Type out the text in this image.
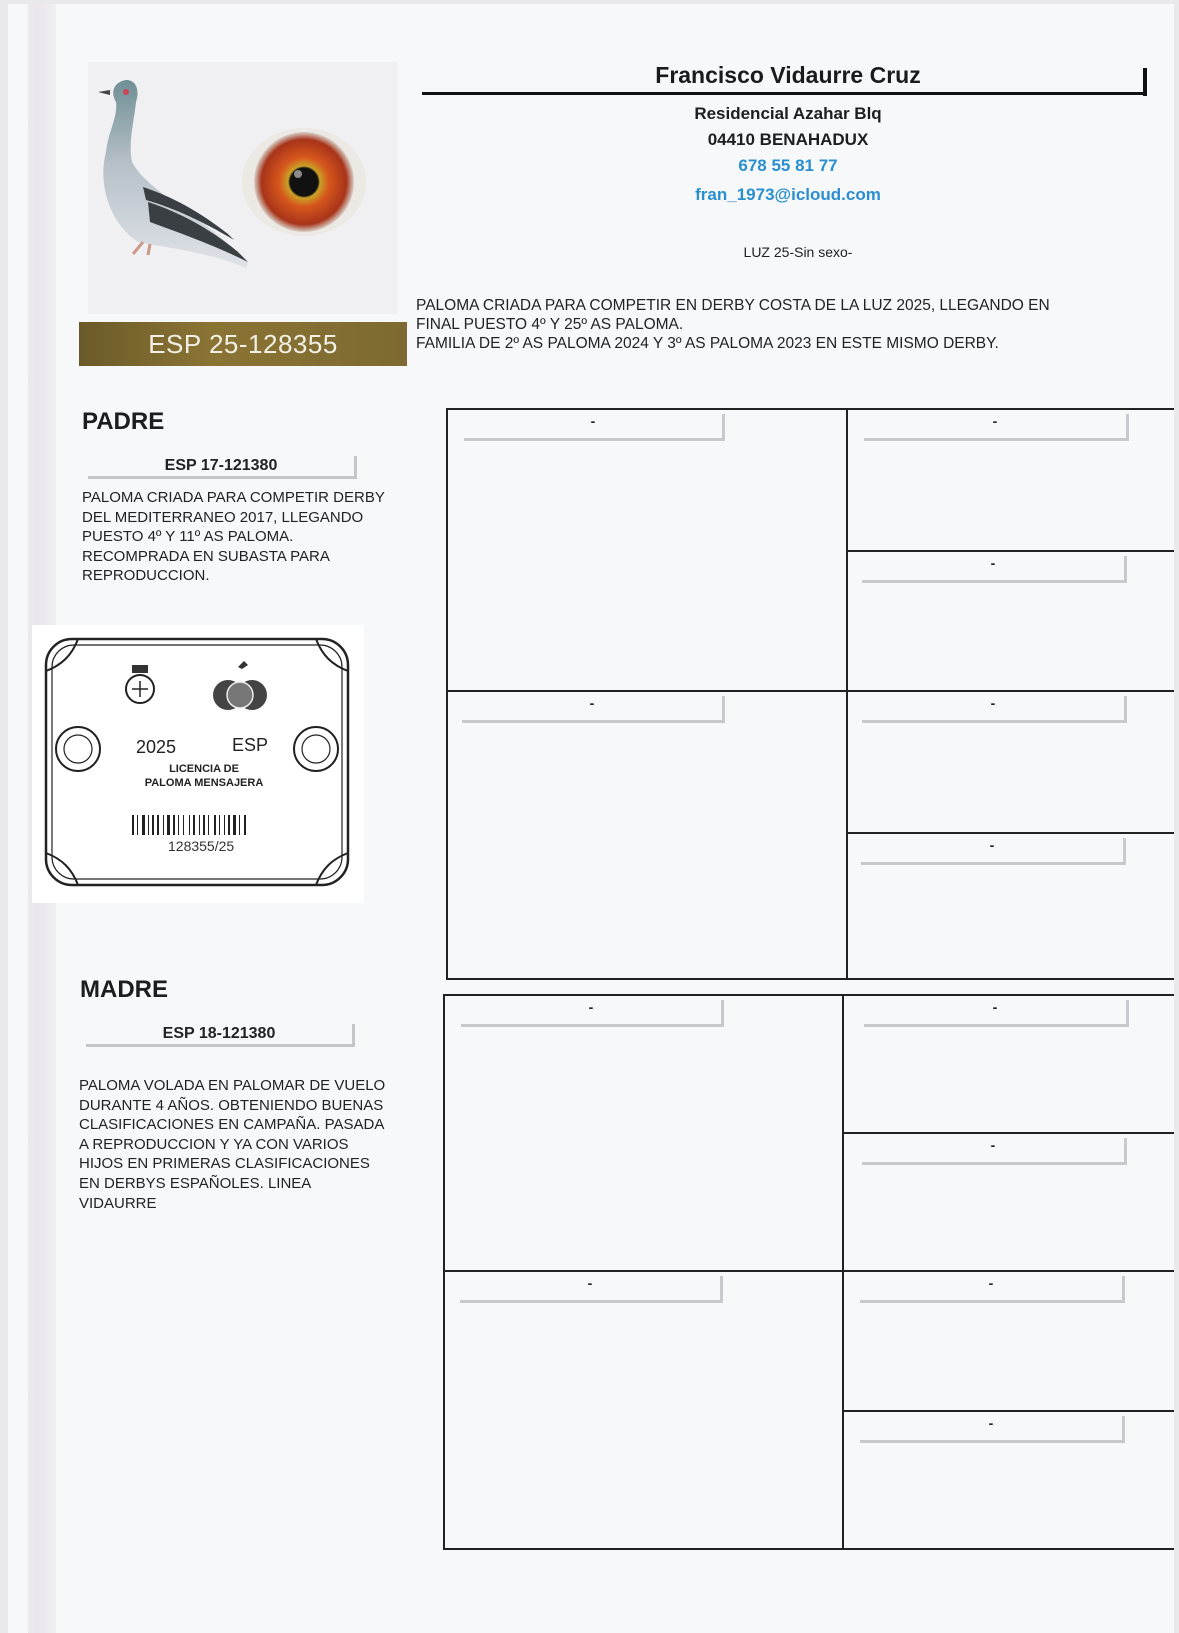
ESP 25-128355
Francisco Vidaurre Cruz
Residencial Azahar Blq
04410 BENAHADUX
678 55 81 77
fran_1973@icloud.com
LUZ 25-Sin sexo-
PALOMA CRIADA PARA COMPETIR EN DERBY COSTA DE LA LUZ 2025, LLEGANDO EN
FINAL PUESTO 4º Y 25º AS PALOMA.
FAMILIA DE 2º AS PALOMA 2024 Y 3º AS PALOMA 2023 EN ESTE MISMO DERBY.
PADRE
ESP 17-121380
PALOMA CRIADA PARA COMPETIR DERBY
DEL MEDITERRANEO 2017, LLEGANDO
PUESTO 4º Y 11º AS PALOMA.
RECOMPRADA EN SUBASTA PARA
REPRODUCCION.
2025	ESP
LICENCIA DE
PALOMA MENSAJERA
128355/25
MADRE
ESP 18-121380
PALOMA VOLADA EN PALOMAR DE VUELO
DURANTE 4 AÑOS. OBTENIENDO BUENAS
CLASIFICACIONES EN CAMPAÑA. PASADA
A REPRODUCCION Y YA CON VARIOS
HIJOS EN PRIMERAS CLASIFICACIONES
EN DERBYS ESPAÑOLES. LINEA
VIDAURRE
-	-
-
-	-
-
-	-
-
-	-
-
